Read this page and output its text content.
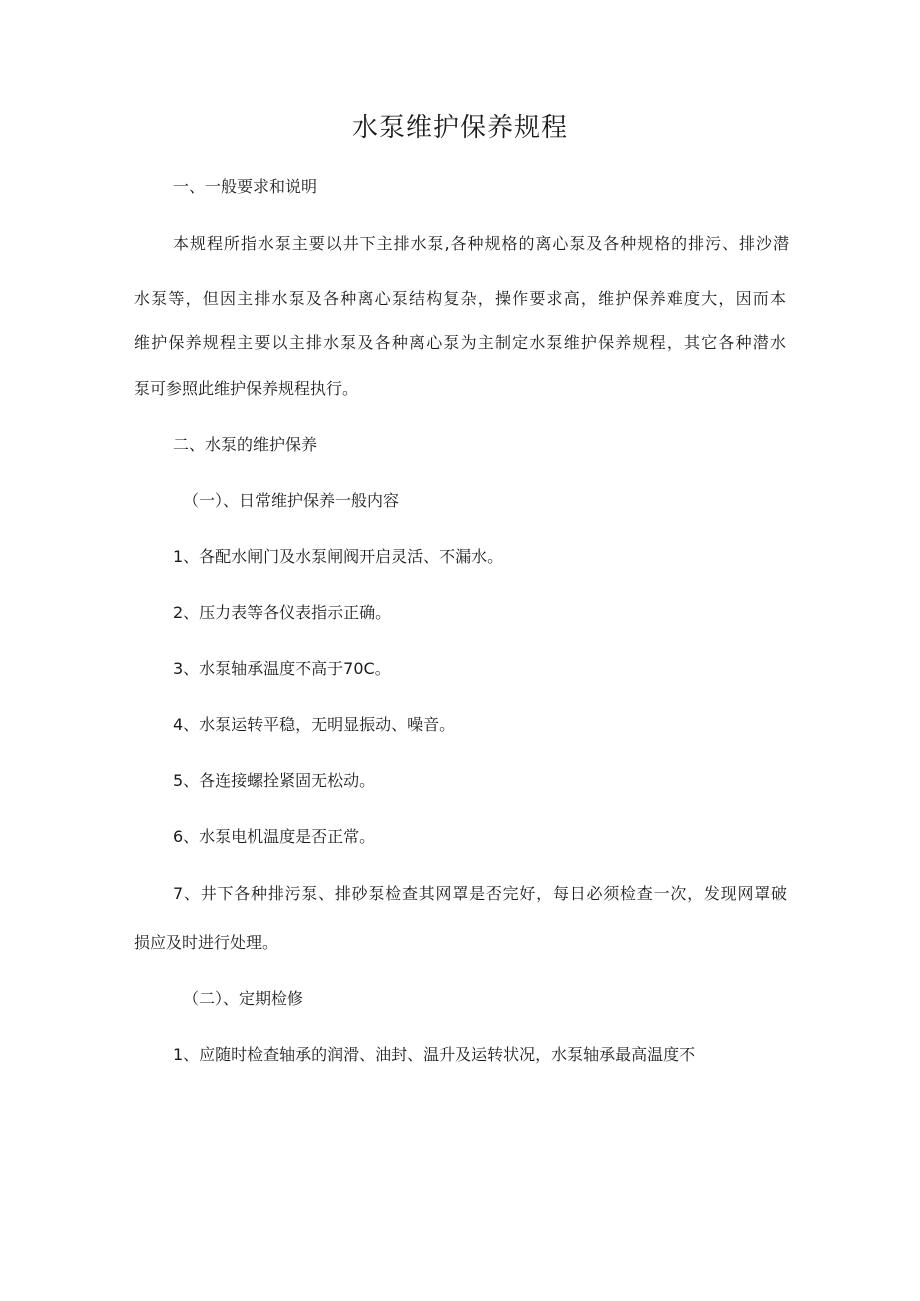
水泵维护保养规程

一、一般要求和说明

本规程所指水泵主要以井下主排水泵,各种规格的离心泵及各种规格的排污、排沙潜

水泵等，但因主排水泵及各种离心泵结构复杂，操作要求高，维护保养难度大，因而本

维护保养规程主要以主排水泵及各种离心泵为主制定水泵维护保养规程，其它各种潜水

泵可参照此维护保养规程执行。

二、水泵的维护保养

（一）、日常维护保养一般内容

1、各配水闸门及水泵闸阀开启灵活、不漏水。

2、压力表等各仪表指示正确。

3、水泵轴承温度不高于70C。

4、水泵运转平稳，无明显振动、噪音。

5、各连接螺拴紧固无松动。

6、水泵电机温度是否正常。

7、井下各种排污泵、排砂泵检查其网罩是否完好，每日必须检查一次，发现网罩破

损应及时进行处理。

（二）、定期检修

1、应随时检查轴承的润滑、油封、温升及运转状况，水泵轴承最高温度不
